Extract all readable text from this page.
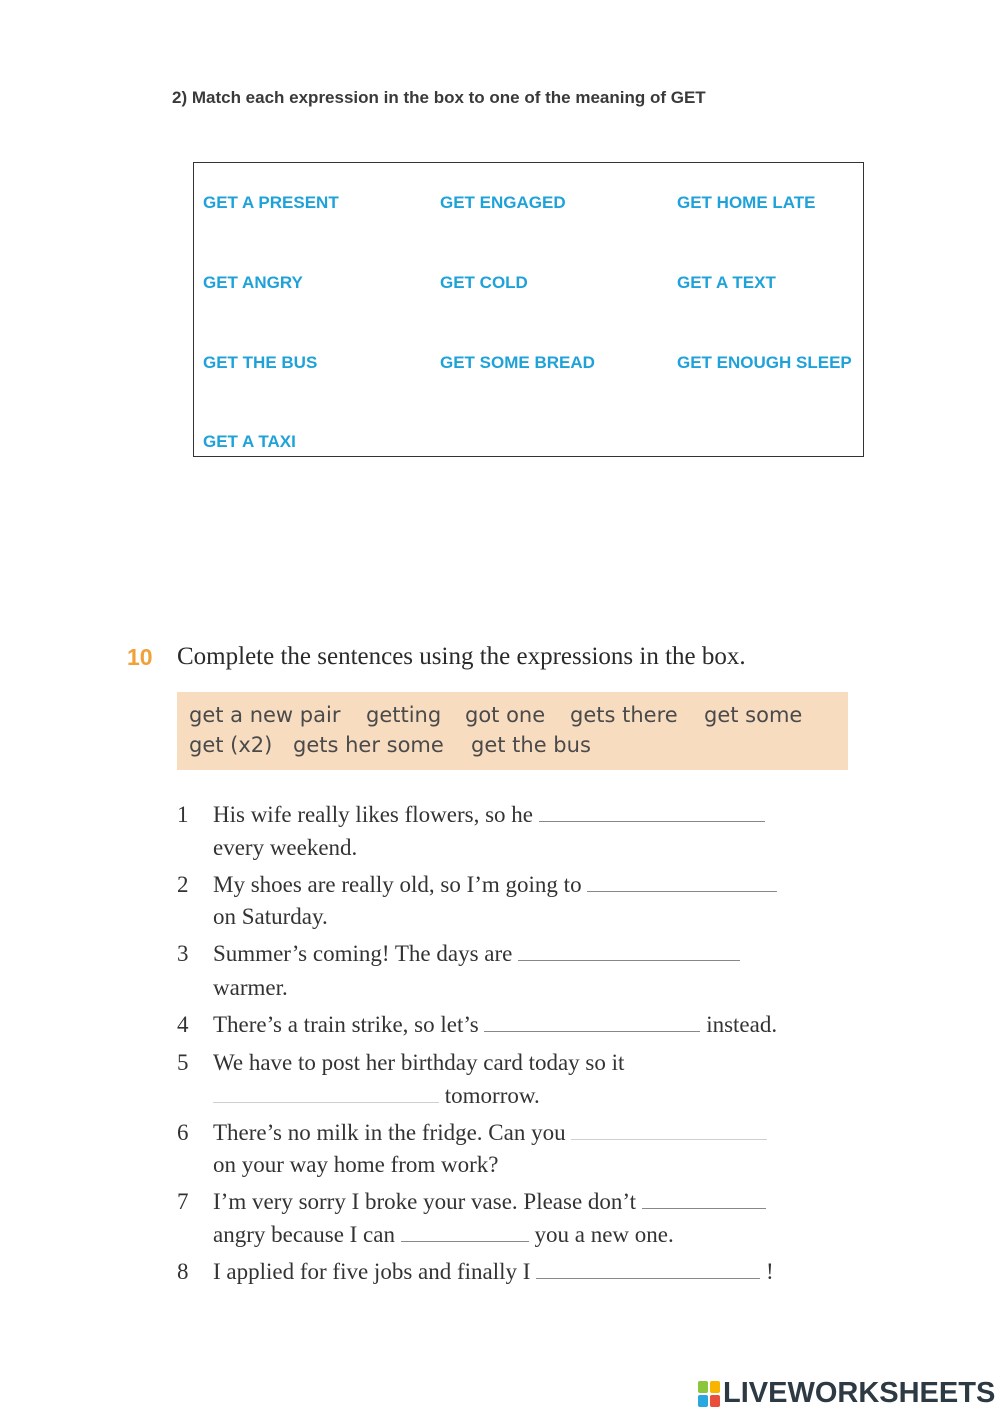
2) Match each expression in the box to one of the meaning of GET
GET A PRESENT	GET ENGAGED	GET HOME LATE
GET ANGRY	GET COLD	GET A TEXT
GET THE BUS	GET SOME BREAD	GET ENOUGH SLEEP
GET A TAXI
10 Complete the sentences using the expressions in the box.
get a new pair getting got one gets there get some
get (x2) gets her some get the bus
1 His wife really likes flowers, so he
every weekend.
2 My shoes are really old, so I’m going to
on Saturday.
3 Summer’s coming! The days are
warmer.
4 There’s a train strike, so let’s	instead.
5 We have to post her birthday card today so it
tomorrow.
6 There’s no milk in the fridge. Can you
on your way home from work?
7 I’m very sorry I broke your vase. Please don’t
angry because I can	you a new one.
8 I applied for five jobs and finally I	!
LIVEWORKSHEETS
